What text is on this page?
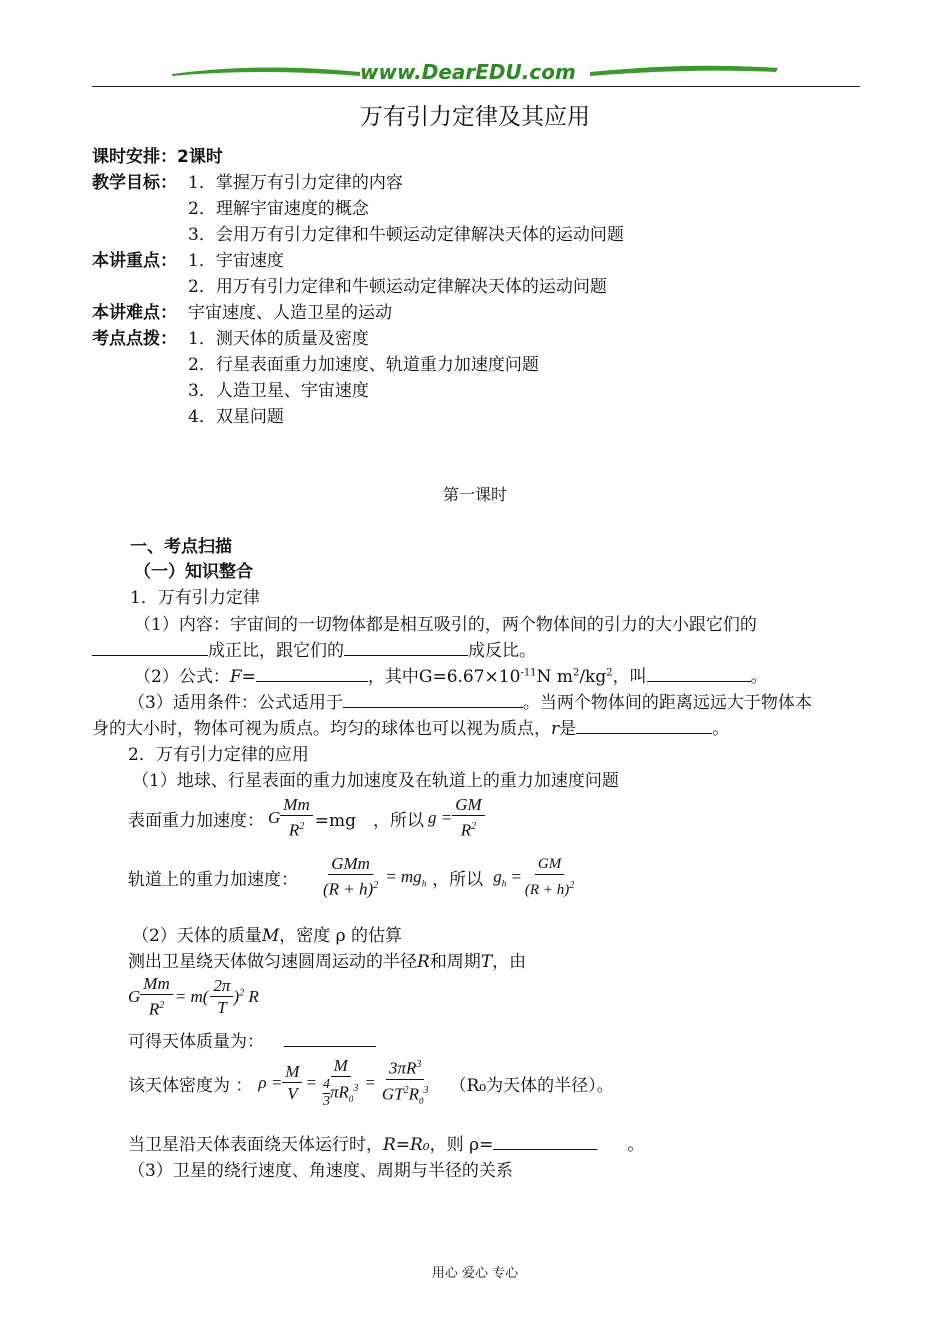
www.DearEDU.com
万有引力定律及其应用
课时安排：2课时
教学目标： 1．掌握万有引力定律的内容
2．理解宇宙速度的概念
3．会用万有引力定律和牛顿运动定律解决天体的运动问题
本讲重点： 1．宇宙速度
2．用万有引力定律和牛顿运动定律解决天体的运动问题
本讲难点： 宇宙速度、人造卫星的运动
考点点拨： 1．测天体的质量及密度
2．行星表面重力加速度、轨道重力加速度问题
3．人造卫星、宇宙速度
4．双星问题
第一课时
一、考点扫描
（一）知识整合
1．万有引力定律
（1）内容：宇宙间的一切物体都是相互吸引的，两个物体间的引力的大小跟它们的
成正比，跟它们的	成反比。
（2）公式：F=	，其中$G=6.67\times 10^{-11}N$ $m^2/kg^2$，叫	。
（3）适用条件：公式适用于	。当两个物体间的距离远远大于物体本
身的大小时，物体可视为质点。均匀的球体也可以视为质点，r是	。
2．万有引力定律的应用
（1）地球、行星表面的重力加速度及在轨道上的重力加速度问题
表面重力加速度： G $\frac{Mm}{R^2} =mg$　，所以 $g = \frac{GM}{R^2}$
轨道上的重力加速度： $\frac{\text{GMm}}{(R + h)^2} = mg_h$ ，所以 $g_h = \frac{GM}{(R + h)^2}$
（2）天体的质量M，密度 ρ 的估算
测出卫星绕天体做匀速圆周运动的半径R和周期T，由
G $\frac{Mm}{R^2} = m( \frac{2\pi}{T} )^2$ R
可得天体质量为：
该天体密度为 ： $\rho = \frac{M}{V} = \frac{M}{\frac{4}{3} \pi R_0^3} = \frac{3\pi R^3}{GT^2R_0^3} (R_0$为天体的半径）。
当卫星沿天体表面绕天体运行时，R=R₀，则 ρ=	。
（3）卫星的绕行速度、角速度、周期与半径的关系
用心 爱心 专心
